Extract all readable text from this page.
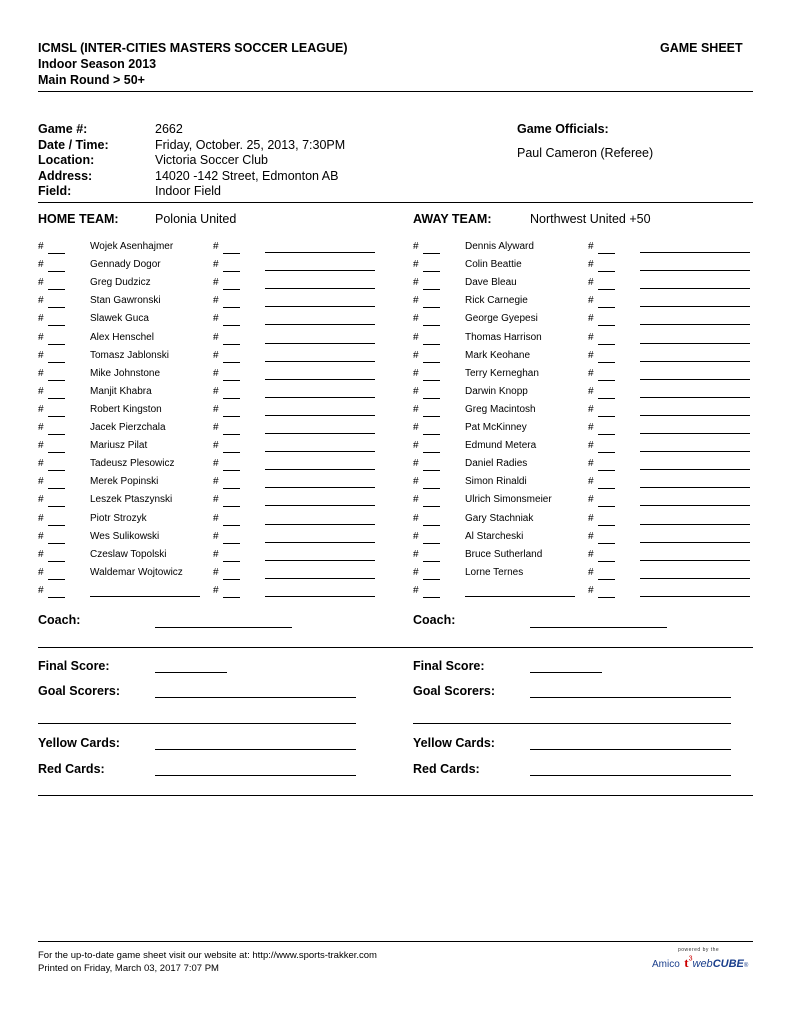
ICMSL (INTER-CITIES MASTERS SOCCER LEAGUE)
Indoor Season 2013
Main Round > 50+
GAME SHEET
Game #:	2662
Date / Time:	Friday, October. 25, 2013, 7:30PM
Location:	Victoria Soccer Club
Address:	14020 -142 Street, Edmonton AB
Field:	Indoor Field
Game Officials:
Paul Cameron (Referee)
HOME TEAM:	Polonia United	AWAY TEAM:	Northwest United +50
#	Wojek Asenhajmer	#
#	Gennady Dogor	#
#	Greg Dudzicz	#
#	Stan Gawronski	#
#	Slawek Guca	#
#	Alex Henschel	#
#	Tomasz Jablonski	#
#	Mike Johnstone	#
#	Manjit Khabra	#
#	Robert Kingston	#
#	Jacek Pierzchala	#
#	Mariusz Pilat	#
#	Tadeusz Plesowicz	#
#	Merek Popinski	#
#	Leszek Ptaszynski	#
#	Piotr Strozyk	#
#	Wes Sulikowski	#
#	Czeslaw Topolski	#
#	Waldemar Wojtowicz	#
#	#
#	Dennis Alyward	#
#	Colin Beattie	#
#	Dave Bleau	#
#	Rick Carnegie	#
#	George Gyepesi	#
#	Thomas Harrison	#
#	Mark Keohane	#
#	Terry Kerneghan	#
#	Darwin Knopp	#
#	Greg Macintosh	#
#	Pat McKinney	#
#	Edmund Metera	#
#	Daniel Radies	#
#	Simon Rinaldi	#
#	Ulrich Simonsmeier	#
#	Gary Stachniak	#
#	Al Starcheski	#
#	Bruce Sutherland	#
#	Lorne Ternes	#
#	#
Coach:	Coach:
Final Score:
Goal Scorers:
Yellow Cards:
Red Cards:
Final Score:
Goal Scorers:
Yellow Cards:
Red Cards:
For the up-to-date game sheet visit our website at: http://www.sports-trakker.com
Printed on Friday, March 03, 2017 7:07 PM
powered by the
Amico $t^3webCUBE®$
